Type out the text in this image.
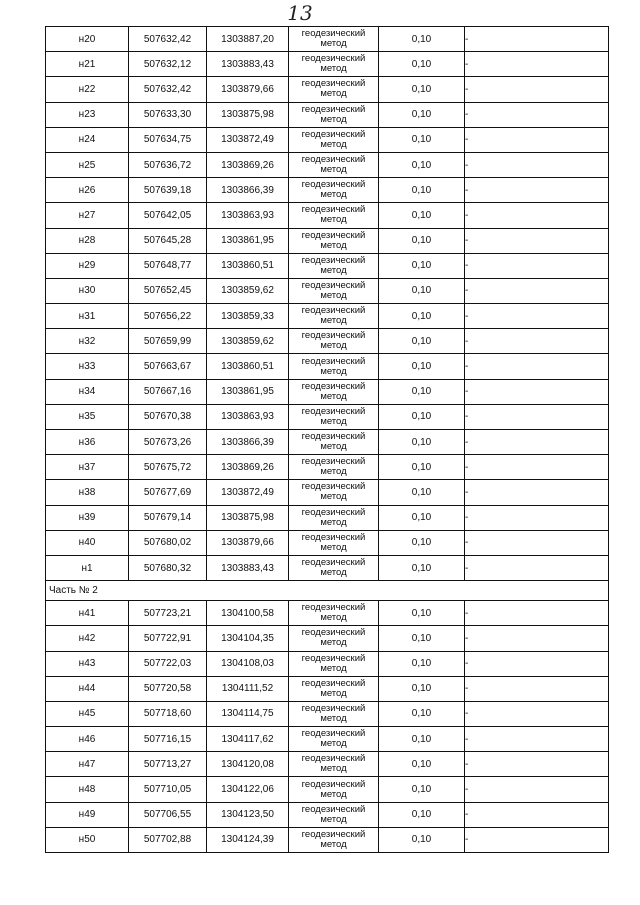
13
н20	507632,42	1303887,20	геодезический метод	0,10	-
н21	507632,12	1303883,43	геодезический метод	0,10	-
н22	507632,42	1303879,66	геодезический метод	0,10	-
н23	507633,30	1303875,98	геодезический метод	0,10	-
н24	507634,75	1303872,49	геодезический метод	0,10	-
н25	507636,72	1303869,26	геодезический метод	0,10	-
н26	507639,18	1303866,39	геодезический метод	0,10	-
н27	507642,05	1303863,93	геодезический метод	0,10	-
н28	507645,28	1303861,95	геодезический метод	0,10	-
н29	507648,77	1303860,51	геодезический метод	0,10	-
н30	507652,45	1303859,62	геодезический метод	0,10	-
н31	507656,22	1303859,33	геодезический метод	0,10	-
н32	507659,99	1303859,62	геодезический метод	0,10	-
н33	507663,67	1303860,51	геодезический метод	0,10	-
н34	507667,16	1303861,95	геодезический метод	0,10	-
н35	507670,38	1303863,93	геодезический метод	0,10	-
н36	507673,26	1303866,39	геодезический метод	0,10	-
н37	507675,72	1303869,26	геодезический метод	0,10	-
н38	507677,69	1303872,49	геодезический метод	0,10	-
н39	507679,14	1303875,98	геодезический метод	0,10	-
н40	507680,02	1303879,66	геодезический метод	0,10	-
н1	507680,32	1303883,43	геодезический метод	0,10	-
Часть № 2					
н41	507723,21	1304100,58	геодезический метод	0,10	-
н42	507722,91	1304104,35	геодезический метод	0,10	-
н43	507722,03	1304108,03	геодезический метод	0,10	-
н44	507720,58	1304111,52	геодезический метод	0,10	-
н45	507718,60	1304114,75	геодезический метод	0,10	-
н46	507716,15	1304117,62	геодезический метод	0,10	-
н47	507713,27	1304120,08	геодезический метод	0,10	-
н48	507710,05	1304122,06	геодезический метод	0,10	-
н49	507706,55	1304123,50	геодезический метод	0,10	-
н50	507702,88	1304124,39	геодезический метод	0,10	-
